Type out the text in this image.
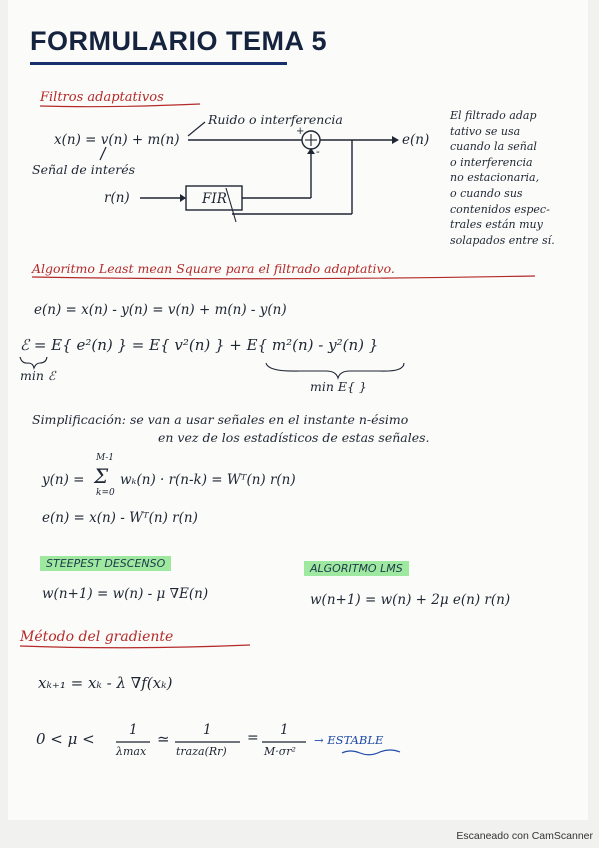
FORMULARIO TEMA 5
Filtros adaptativos
x(n) = v(n) + m(n)
Ruido o interferencia
Señal de interés
r(n)	FIR
e(n)
+
-
El filtrado adap
tativo se usa
cuando la señal
o interferencia
no estacionaria,
o cuando sus
contenidos espec-
trales están muy
solapados entre sí.
Algoritmo Least mean Square para el filtrado adaptativo.
e(n) = x(n) - y(n) = v(n) + m(n) - y(n)
ℰ = E{ e²(n) } = E{ v²(n) } + E{ m²(n) - y²(n) }
min ℰ
min E{ }
Simplificación: se van a usar señales en el instante n-ésimo
en vez de los estadísticos de estas señales.
y(n) =
M-1
Σ
k=0
wₖ(n) · r(n-k) = Wᵀ(n) r(n)
e(n) = x(n) - Wᵀ(n) r(n)
STEEPEST DESCENSO
w(n+1) = w(n) - μ ∇E(n)
ALGORITMO LMS
w(n+1) = w(n) + 2μ e(n) r(n)
Método del gradiente
xₖ₊₁ = xₖ - λ ∇f(xₖ)
0 < μ <	1
λmax
≃ 1
traza(Rr)
= 1
M·σr²
→ ESTABLE
Escaneado con CamScanner
